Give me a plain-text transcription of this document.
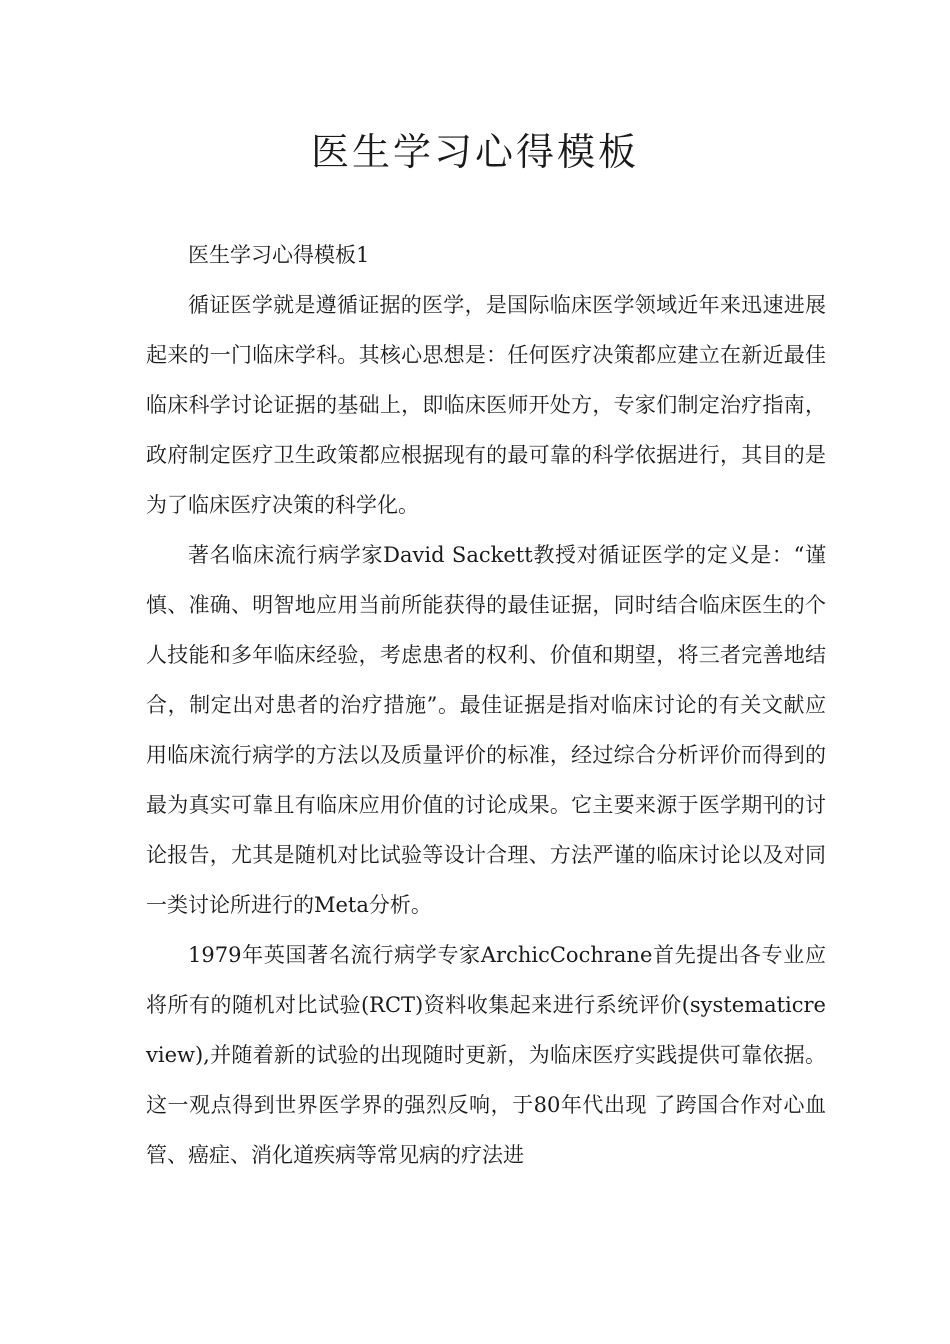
医生学习心得模板

医生学习心得模板1

循证医学就是遵循证据的医学，是国际临床医学领域近年来迅速进展起来的一门临床学科。其核心思想是：任何医疗决策都应建立在新近最佳临床科学讨论证据的基础上，即临床医师开处方，专家们制定治疗指南，政府制定医疗卫生政策都应根据现有的最可靠的科学依据进行，其目的是为了临床医疗决策的科学化。

著名临床流行病学家David Sackett教授对循证医学的定义是：“谨慎、准确、明智地应用当前所能获得的最佳证据，同时结合临床医生的个人技能和多年临床经验，考虑患者的权利、价值和期望，将三者完善地结合，制定出对患者的治疗措施”。最佳证据是指对临床讨论的有关文献应用临床流行病学的方法以及质量评价的标准，经过综合分析评价而得到的最为真实可靠且有临床应用价值的讨论成果。它主要来源于医学期刊的讨论报告，尤其是随机对比试验等设计合理、方法严谨的临床讨论以及对同一类讨论所进行的Meta分析。

1979年英国著名流行病学专家ArchicCochrane首先提出各专业应将所有的随机对比试验(RCT)资料收集起来进行系统评价(systematicreview),并随着新的试验的出现随时更新，为临床医疗实践提供可靠依据。这一观点得到世界医学界的强烈反响，于80年代出现 了跨国合作对心血管、癌症、消化道疾病等常见病的疗法进
